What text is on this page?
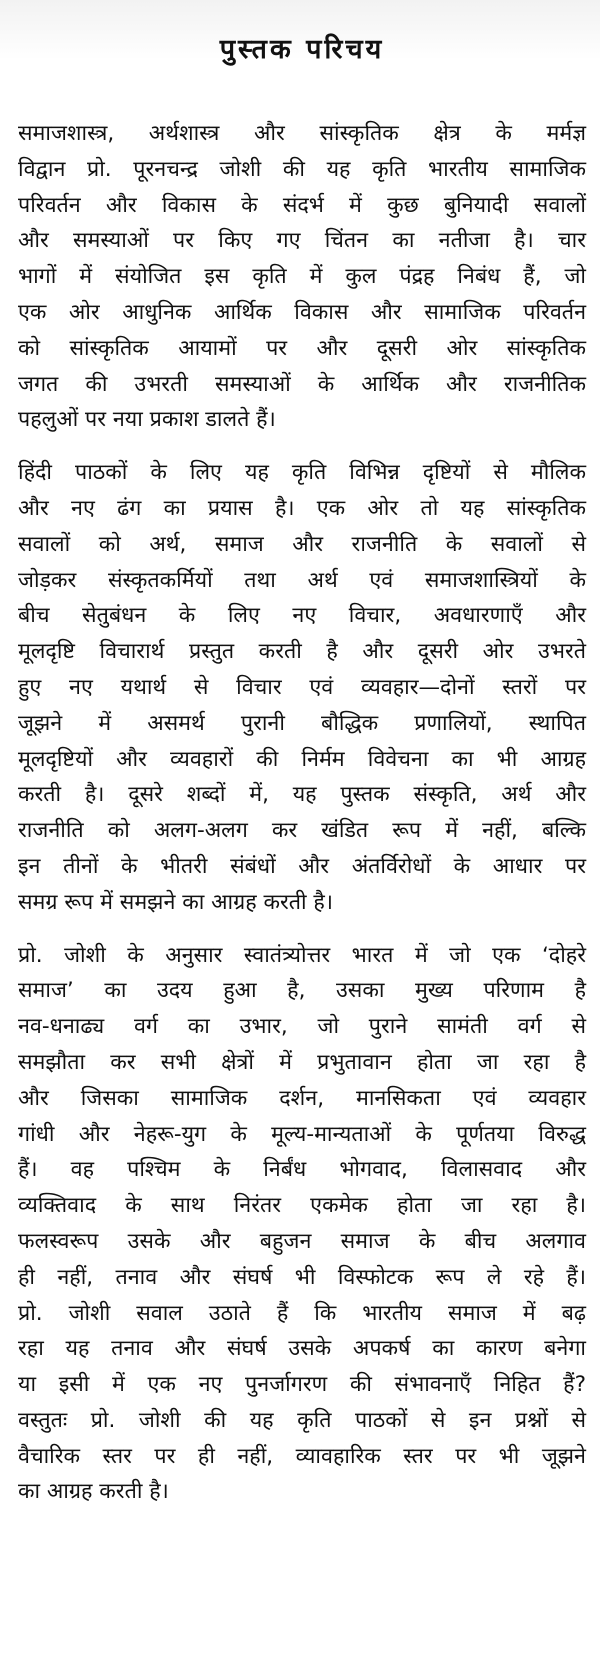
पुस्तक परिचय

समाजशास्त्र, अर्थशास्त्र और सांस्कृतिक क्षेत्र के मर्मज्ञ
विद्वान प्रो. पूरनचन्द्र जोशी की यह कृति भारतीय सामाजिक
परिवर्तन और विकास के संदर्भ में कुछ बुनियादी सवालों
और समस्याओं पर किए गए चिंतन का नतीजा है। चार
भागों में संयोजित इस कृति में कुल पंद्रह निबंध हैं, जो
एक ओर आधुनिक आर्थिक विकास और सामाजिक परिवर्तन
को सांस्कृतिक आयामों पर और दूसरी ओर सांस्कृतिक
जगत की उभरती समस्याओं के आर्थिक और राजनीतिक
पहलुओं पर नया प्रकाश डालते हैं।

हिंदी पाठकों के लिए यह कृति विभिन्न दृष्टियों से मौलिक
और नए ढंग का प्रयास है। एक ओर तो यह सांस्कृतिक
सवालों को अर्थ, समाज और राजनीति के सवालों से
जोड़कर संस्कृतकर्मियों तथा अर्थ एवं समाजशास्त्रियों के
बीच सेतुबंधन के लिए नए विचार, अवधारणाएँ और
मूलदृष्टि विचारार्थ प्रस्तुत करती है और दूसरी ओर उभरते
हुए नए यथार्थ से विचार एवं व्यवहार—दोनों स्तरों पर
जूझने में असमर्थ पुरानी बौद्धिक प्रणालियों, स्थापित
मूलदृष्टियों और व्यवहारों की निर्मम विवेचना का भी आग्रह
करती है। दूसरे शब्दों में, यह पुस्तक संस्कृति, अर्थ और
राजनीति को अलग-अलग कर खंडित रूप में नहीं, बल्कि
इन तीनों के भीतरी संबंधों और अंतर्विरोधों के आधार पर
समग्र रूप में समझने का आग्रह करती है।

प्रो. जोशी के अनुसार स्वातंत्र्योत्तर भारत में जो एक ‘दोहरे
समाज’ का उदय हुआ है, उसका मुख्य परिणाम है
नव-धनाढ्य वर्ग का उभार, जो पुराने सामंती वर्ग से
समझौता कर सभी क्षेत्रों में प्रभुतावान होता जा रहा है
और जिसका सामाजिक दर्शन, मानसिकता एवं व्यवहार
गांधी और नेहरू-युग के मूल्य-मान्यताओं के पूर्णतया विरुद्ध
हैं। वह पश्चिम के निर्बंध भोगवाद, विलासवाद और
व्यक्तिवाद के साथ निरंतर एकमेक होता जा रहा है।
फलस्वरूप उसके और बहुजन समाज के बीच अलगाव
ही नहीं, तनाव और संघर्ष भी विस्फोटक रूप ले रहे हैं।
प्रो. जोशी सवाल उठाते हैं कि भारतीय समाज में बढ़
रहा यह तनाव और संघर्ष उसके अपकर्ष का कारण बनेगा
या इसी में एक नए पुनर्जागरण की संभावनाएँ निहित हैं?
वस्तुतः प्रो. जोशी की यह कृति पाठकों से इन प्रश्नों से
वैचारिक स्तर पर ही नहीं, व्यावहारिक स्तर पर भी जूझने
का आग्रह करती है।
